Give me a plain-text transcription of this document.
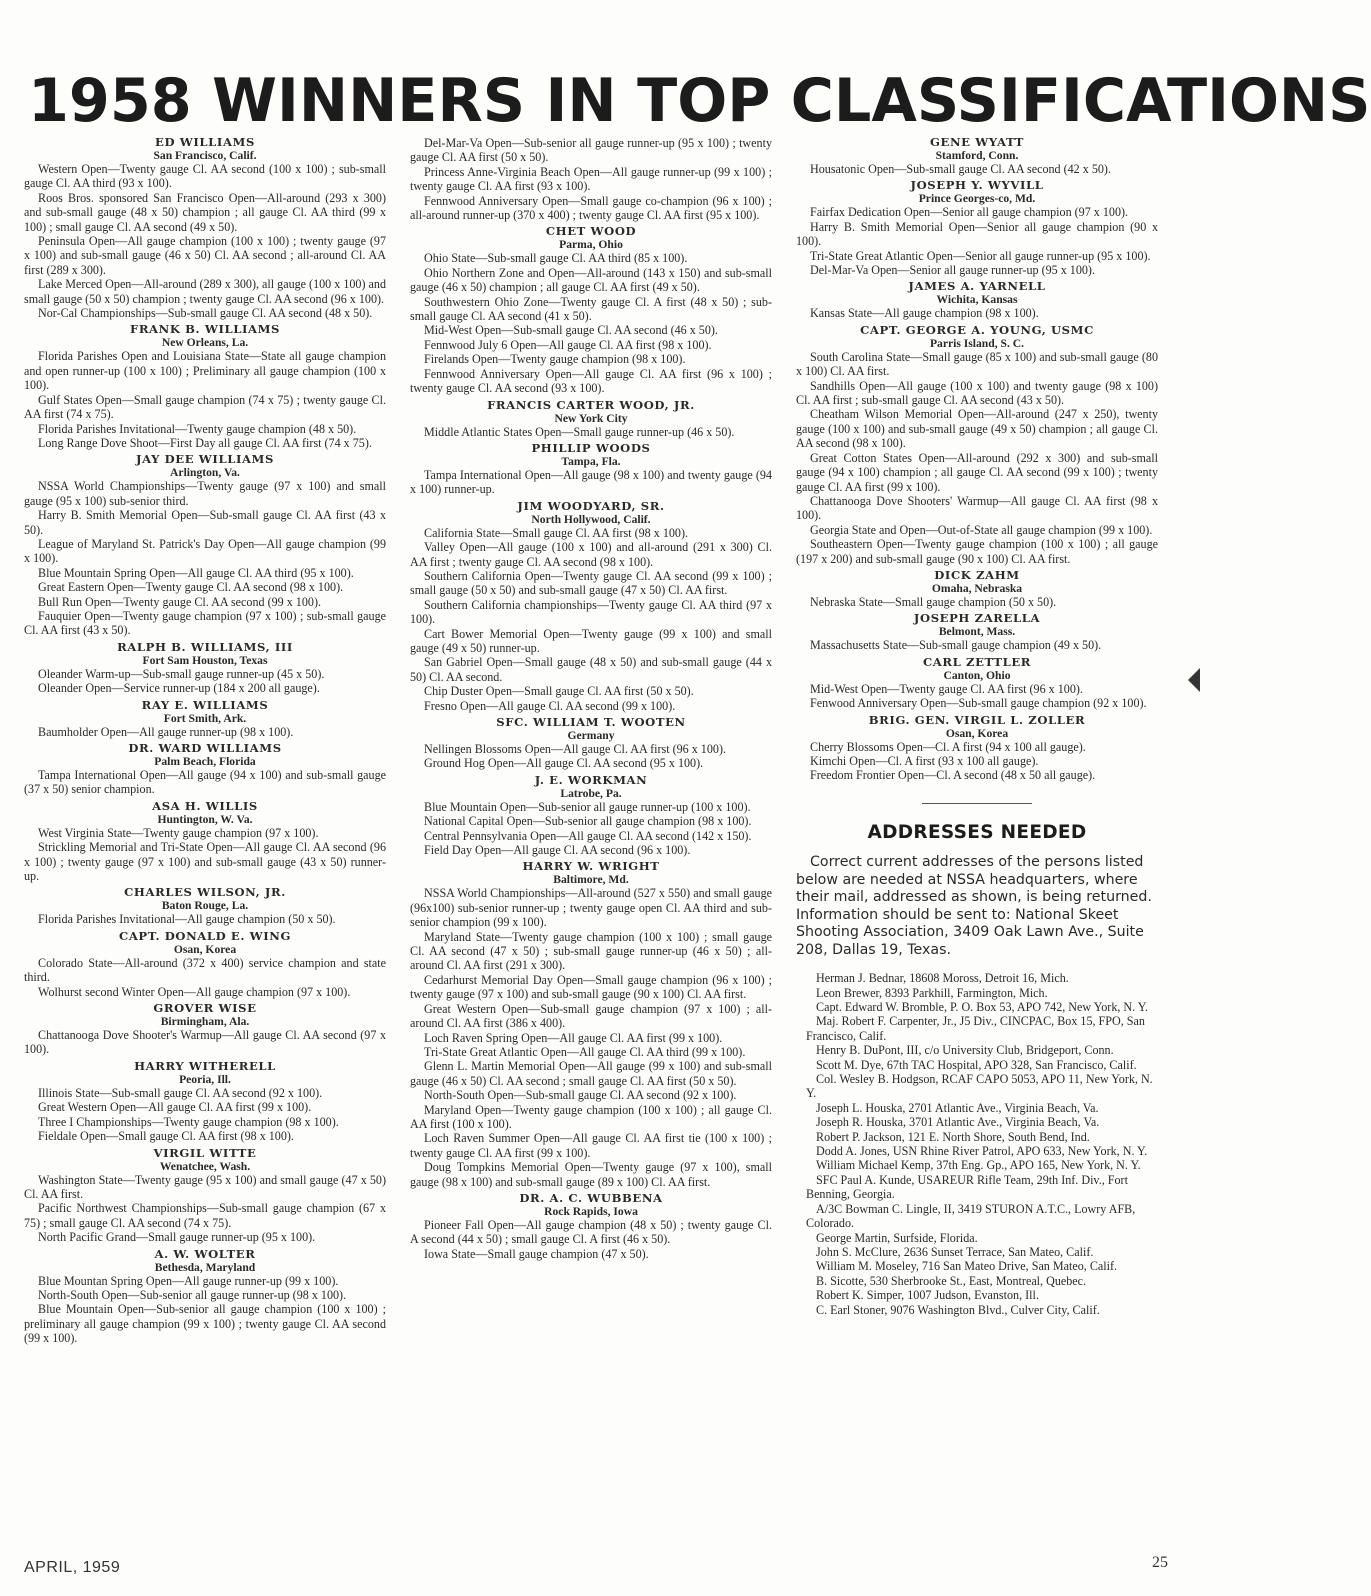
1958 WINNERS IN TOP CLASSIFICATIONS
ED WILLIAMS
San Francisco, Calif.

Western Open—Twenty gauge Cl. AA second (100 x 100) ; sub-small gauge Cl. AA third (93 x 100).

Roos Bros. sponsored San Francisco Open—All-around (293 x 300) and sub-small gauge (48 x 50) champion ; all gauge Cl. AA third (99 x 100) ; small gauge Cl. AA second (49 x 50).

Peninsula Open—All gauge champion (100 x 100) ; twenty gauge (97 x 100) and sub-small gauge (46 x 50) Cl. AA second ; all-around Cl. AA first (289 x 300).

Lake Merced Open—All-around (289 x 300), all gauge (100 x 100) and small gauge (50 x 50) champion ; twenty gauge Cl. AA second (96 x 100).

Nor-Cal Championships—Sub-small gauge Cl. AA second (48 x 50).

FRANK B. WILLIAMS
New Orleans, La.

Florida Parishes Open and Louisiana State—State all gauge champion and open runner-up (100 x 100) ; Preliminary all gauge champion (100 x 100).

Gulf States Open—Small gauge champion (74 x 75) ; twenty gauge Cl. AA first (74 x 75).

Florida Parishes Invitational—Twenty gauge champion (48 x 50).

Long Range Dove Shoot—First Day all gauge Cl. AA first (74 x 75).

JAY DEE WILLIAMS
Arlington, Va.

NSSA World Championships—Twenty gauge (97 x 100) and small gauge (95 x 100) sub-senior third.

Harry B. Smith Memorial Open—Sub-small gauge Cl. AA first (43 x 50).

League of Maryland St. Patrick's Day Open—All gauge champion (99 x 100).

Blue Mountain Spring Open—All gauge Cl. AA third (95 x 100).

Great Eastern Open—Twenty gauge Cl. AA second (98 x 100).

Bull Run Open—Twenty gauge Cl. AA second (99 x 100).

Fauquier Open—Twenty gauge champion (97 x 100) ; sub-small gauge Cl. AA first (43 x 50).

RALPH B. WILLIAMS, III
Fort Sam Houston, Texas

Oleander Warm-up—Sub-small gauge runner-up (45 x 50).

Oleander Open—Service runner-up (184 x 200 all gauge).

RAY E. WILLIAMS
Fort Smith, Ark.

Baumholder Open—All gauge runner-up (98 x 100).

DR. WARD WILLIAMS
Palm Beach, Florida

Tampa International Open—All gauge (94 x 100) and sub-small gauge (37 x 50) senior champion.

ASA H. WILLIS
Huntington, W. Va.

West Virginia State—Twenty gauge champion (97 x 100).

Strickling Memorial and Tri-State Open—All gauge Cl. AA second (96 x 100) ; twenty gauge (97 x 100) and sub-small gauge (43 x 50) runner-up.

CHARLES WILSON, JR.
Baton Rouge, La.

Florida Parishes Invitational—All gauge champion (50 x 50).

CAPT. DONALD E. WING
Osan, Korea

Colorado State—All-around (372 x 400) service champion and state third.

Wolhurst second Winter Open—All gauge champion (97 x 100).

GROVER WISE
Birmingham, Ala.

Chattanooga Dove Shooter's Warmup—All gauge Cl. AA second (97 x 100).

HARRY WITHERELL
Peoria, Ill.

Illinois State—Sub-small gauge Cl. AA second (92 x 100).

Great Western Open—All gauge Cl. AA first (99 x 100).

Three I Championships—Twenty gauge champion (98 x 100).

Fieldale Open—Small gauge Cl. AA first (98 x 100).

VIRGIL WITTE
Wenatchee, Wash.

Washington State—Twenty gauge (95 x 100) and small gauge (47 x 50) Cl. AA first.

Pacific Northwest Championships—Sub-small gauge champion (67 x 75) ; small gauge Cl. AA second (74 x 75).

North Pacific Grand—Small gauge runner-up (95 x 100).

A. W. WOLTER
Bethesda, Maryland

Blue Mountan Spring Open—All gauge runner-up (99 x 100).

North-South Open—Sub-senior all gauge runner-up (98 x 100).

Blue Mountain Open—Sub-senior all gauge champion (100 x 100) ; preliminary all gauge champion (99 x 100) ; twenty gauge Cl. AA second (99 x 100).

Del-Mar-Va Open—Sub-senior all gauge runner-up (95 x 100) ; twenty gauge Cl. AA first (50 x 50).

Princess Anne-Virginia Beach Open—All gauge runner-up (99 x 100) ; twenty gauge Cl. AA first (93 x 100).

Fennwood Anniversary Open—Small gauge co-champion (96 x 100) ; all-around runner-up (370 x 400) ; twenty gauge Cl. AA first (95 x 100).

CHET WOOD
Parma, Ohio

Ohio State—Sub-small gauge Cl. AA third (85 x 100).

Ohio Northern Zone and Open—All-around (143 x 150) and sub-small gauge (46 x 50) champion ; all gauge Cl. AA first (49 x 50).

Southwestern Ohio Zone—Twenty gauge Cl. A first (48 x 50) ; sub-small gauge Cl. AA second (41 x 50).

Mid-West Open—Sub-small gauge Cl. AA second (46 x 50).

Fennwood July 6 Open—All gauge Cl. AA first (98 x 100).

Firelands Open—Twenty gauge champion (98 x 100).

Fennwood Anniversary Open—All gauge Cl. AA first (96 x 100) ; twenty gauge Cl. AA second (93 x 100).

FRANCIS CARTER WOOD, JR.
New York City

Middle Atlantic States Open—Small gauge runner-up (46 x 50).

PHILLIP WOODS
Tampa, Fla.

Tampa International Open—All gauge (98 x 100) and twenty gauge (94 x 100) runner-up.

JIM WOODYARD, SR.
North Hollywood, Calif.

California State—Small gauge Cl. AA first (98 x 100).

Valley Open—All gauge (100 x 100) and all-around (291 x 300) Cl. AA first ; twenty gauge Cl. AA second (98 x 100).

Southern California Open—Twenty gauge Cl. AA second (99 x 100) ; small gauge (50 x 50) and sub-small gauge (47 x 50) Cl. AA first.

Southern California championships—Twenty gauge Cl. AA third (97 x 100).

Cart Bower Memorial Open—Twenty gauge (99 x 100) and small gauge (49 x 50) runner-up.

San Gabriel Open—Small gauge (48 x 50) and sub-small gauge (44 x 50) Cl. AA second.

Chip Duster Open—Small gauge Cl. AA first (50 x 50).

Fresno Open—All gauge Cl. AA second (99 x 100).

SFC. WILLIAM T. WOOTEN
Germany

Nellingen Blossoms Open—All gauge Cl. AA first (96 x 100).

Ground Hog Open—All gauge Cl. AA second (95 x 100).

J. E. WORKMAN
Latrobe, Pa.

Blue Mountain Open—Sub-senior all gauge runner-up (100 x 100).

National Capital Open—Sub-senior all gauge champion (98 x 100).

Central Pennsylvania Open—All gauge Cl. AA second (142 x 150).

Field Day Open—All gauge Cl. AA second (96 x 100).

HARRY W. WRIGHT
Baltimore, Md.

NSSA World Championships—All-around (527 x 550) and small gauge (96x100) sub-senior runner-up ; twenty gauge open Cl. AA third and sub-senior champion (99 x 100).

Maryland State—Twenty gauge champion (100 x 100) ; small gauge Cl. AA second (47 x 50) ; sub-small gauge runner-up (46 x 50) ; all-around Cl. AA first (291 x 300).

Cedarhurst Memorial Day Open—Small gauge champion (96 x 100) ; twenty gauge (97 x 100) and sub-small gauge (90 x 100) Cl. AA first.

Great Western Open—Sub-small gauge champion (97 x 100) ; all-around Cl. AA first (386 x 400).

Loch Raven Spring Open—All gauge Cl. AA first (99 x 100).

Tri-State Great Atlantic Open—All gauge Cl. AA third (99 x 100).

Glenn L. Martin Memorial Open—All gauge (99 x 100) and sub-small gauge (46 x 50) Cl. AA second ; small gauge Cl. AA first (50 x 50).

North-South Open—Sub-small gauge Cl. AA second (92 x 100).

Maryland Open—Twenty gauge champion (100 x 100) ; all gauge Cl. AA first (100 x 100).

Loch Raven Summer Open—All gauge Cl. AA first tie (100 x 100) ; twenty gauge Cl. AA first (99 x 100).

Doug Tompkins Memorial Open—Twenty gauge (97 x 100), small gauge (98 x 100) and sub-small gauge (89 x 100) Cl. AA first.

DR. A. C. WUBBENA
Rock Rapids, Iowa

Pioneer Fall Open—All gauge champion (48 x 50) ; twenty gauge Cl. A second (44 x 50) ; small gauge Cl. A first (46 x 50).

Iowa State—Small gauge champion (47 x 50).

GENE WYATT
Stamford, Conn.

Housatonic Open—Sub-small gauge Cl. AA second (42 x 50).

JOSEPH Y. WYVILL
Prince Georges-co, Md.

Fairfax Dedication Open—Senior all gauge champion (97 x 100).

Harry B. Smith Memorial Open—Senior all gauge champion (90 x 100).

Tri-State Great Atlantic Open—Senior all gauge runner-up (95 x 100).

Del-Mar-Va Open—Senior all gauge runner-up (95 x 100).

JAMES A. YARNELL
Wichita, Kansas

Kansas State—All gauge champion (98 x 100).

CAPT. GEORGE A. YOUNG, USMC
Parris Island, S. C.

South Carolina State—Small gauge (85 x 100) and sub-small gauge (80 x 100) Cl. AA first.

Sandhills Open—All gauge (100 x 100) and twenty gauge (98 x 100) Cl. AA first ; sub-small gauge Cl. AA second (43 x 50).

Cheatham Wilson Memorial Open—All-around (247 x 250), twenty gauge (100 x 100) and sub-small gauge (49 x 50) champion ; all gauge Cl. AA second (98 x 100).

Great Cotton States Open—All-around (292 x 300) and sub-small gauge (94 x 100) champion ; all gauge Cl. AA second (99 x 100) ; twenty gauge Cl. AA first (99 x 100).

Chattanooga Dove Shooters' Warmup—All gauge Cl. AA first (98 x 100).

Georgia State and Open—Out-of-State all gauge champion (99 x 100).

Southeastern Open—Twenty gauge champion (100 x 100) ; all gauge (197 x 200) and sub-small gauge (90 x 100) Cl. AA first.

DICK ZAHM
Omaha, Nebraska

Nebraska State—Small gauge champion (50 x 50).

JOSEPH ZARELLA
Belmont, Mass.

Massachusetts State—Sub-small gauge champion (49 x 50).

CARL ZETTLER
Canton, Ohio

Mid-West Open—Twenty gauge Cl. AA first (96 x 100).

Fenwood Anniversary Open—Sub-small gauge champion (92 x 100).

BRIG. GEN. VIRGIL L. ZOLLER
Osan, Korea

Cherry Blossoms Open—Cl. A first (94 x 100 all gauge).

Kimchi Open—Cl. A first (93 x 100 all gauge).

Freedom Frontier Open—Cl. A second (48 x 50 all gauge).

ADDRESSES NEEDED

Correct current addresses of the persons listed below are needed at NSSA headquarters, where their mail, addressed as shown, is being returned. Information should be sent to: National Skeet Shooting Association, 3409 Oak Lawn Ave., Suite 208, Dallas 19, Texas.

Herman J. Bednar, 18608 Moross, Detroit 16, Mich.

Leon Brewer, 8393 Parkhill, Farmington, Mich.

Capt. Edward W. Bromble, P. O. Box 53, APO 742, New York, N. Y.

Maj. Robert F. Carpenter, Jr., J5 Div., CINCPAC, Box 15, FPO, San Francisco, Calif.

Henry B. DuPont, III, c/o University Club, Bridgeport, Conn.

Scott M. Dye, 67th TAC Hospital, APO 328, San Francisco, Calif.

Col. Wesley B. Hodgson, RCAF CAPO 5053, APO 11, New York, N. Y.

Joseph L. Houska, 2701 Atlantic Ave., Virginia Beach, Va.

Joseph R. Houska, 3701 Atlantic Ave., Virginia Beach, Va.

Robert P. Jackson, 121 E. North Shore, South Bend, Ind.

Dodd A. Jones, USN Rhine River Patrol, APO 633, New York, N. Y.

William Michael Kemp, 37th Eng. Gp., APO 165, New York, N. Y.

SFC Paul A. Kunde, USAREUR Rifle Team, 29th Inf. Div., Fort Benning, Georgia.

A/3C Bowman C. Lingle, II, 3419 STURON A.T.C., Lowry AFB, Colorado.

George Martin, Surfside, Florida.

John S. McClure, 2636 Sunset Terrace, San Mateo, Calif.

William M. Moseley, 716 San Mateo Drive, San Mateo, Calif.

B. Sicotte, 530 Sherbrooke St., East, Montreal, Quebec.

Robert K. Simper, 1007 Judson, Evanston, Ill.

C. Earl Stoner, 9076 Washington Blvd., Culver City, Calif.

APRIL, 1959	25
